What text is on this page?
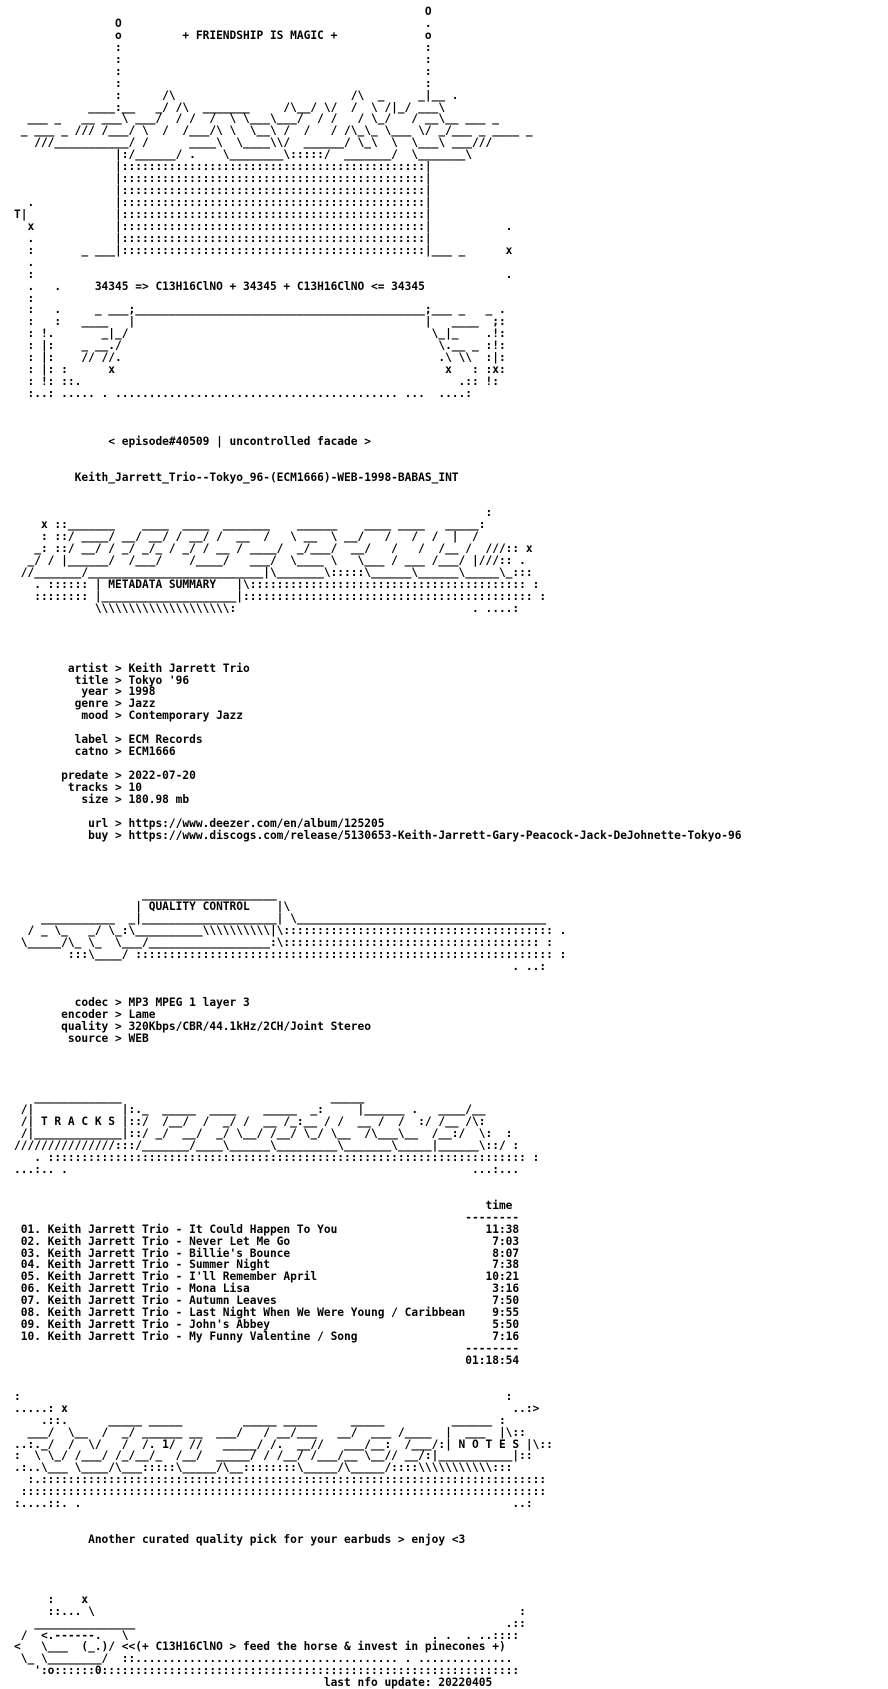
O
O                                             .
o         + FRIENDSHIP IS MAGIC +             o
:                                             :
:                                             :
:                                             :
:                                             :
:      /\                          /\  _     _|__ .
____:__   _/ /\  _______     /\__/ \/  /  \ /|_/ ___\
___ _   __ ___\ ___/  / /  /  \ \___\___/  / /   / \_/   / __\__ ___ _
_ ___ _ /// /___/ \  /  /___/\ \  \__\ /  /   / /\_\_ \___ \/ _/___ _ ____ _
///___________/ /      ____\  \____\\/  ______/ \_\  \  \___\ ___///
|:/______/ .    \________\:::::/  _______/  \_______\
|:::::::::::::::::::::::::::::::::::::::::::::|
|:::::::::::::::::::::::::::::::::::::::::::::|
|:::::::::::::::::::::::::::::::::::::::::::::|
.            |:::::::::::::::::::::::::::::::::::::::::::::|
T|             |:::::::::::::::::::::::::::::::::::::::::::::|
x            |:::::::::::::::::::::::::::::::::::::::::::::|           .
.            |:::::::::::::::::::::::::::::::::::::::::::::|
:       _ ___|:::::::::::::::::::::::::::::::::::::::::::::|___ _      x
.
:                                                                      .
.   .     34345 => C13H16ClNO + 34345 + C13H16ClNO <= 34345
:
:   .     _ ___;___________________________________________;___ _   _ .
:   :   ____   |                                           |   ____  ;:
: !.       _|_/                                             \_|_    .!:
: |:    _ __./                                               \.__ _ :!:
: |:    // //.                                               .\ \\  :|:
: |: :      x                                                 x   : :x:
: !: ::.                                                        .:: !:
:..: ..... . .......................................... ...  ....:
< episode#40509 | uncontrolled facade >
Keith_Jarrett_Trio--Tokyo_96-(ECM1666)-WEB-1998-BABAS_INT
:
x ::_______    ____  ____  _______    ______    ____ ____   _____:
: ::/ ____/ __/ __/ / __/ /  __  /   \ __  \ __/   /   /  /  |  /
_: ::/ __/ / _/ _/_ / _/ / __ / ____/  _/___/  __/   /   /  /__ /  ///:: x
_/ / |______/  /___/    /____/   ___/  \____ \   \___ / ___ /___/ |///:: .
//_______/__________________________|\_______\:::::\______\______\_____\_:::
. :::::: | METADATA SUMMARY   |\::::::::::::::::::::::::::::::::::::::::: :
:::::::: |____________________|::::::::::::::::::::::::::::::::::::::::::: :
\\\\\\\\\\\\\\\\\\\\:                                   . ....:
artist > Keith Jarrett Trio
title > Tokyo '96
year > 1998
genre > Jazz
mood > Contemporary Jazz
label > ECM Records
catno > ECM1666
predate > 2022-07-20
tracks > 10
size > 180.98 mb
url > https://www.deezer.com/en/album/125205
buy > https://www.discogs.com/release/5130653-Keith-Jarrett-Gary-Peacock-Jack-DeJohnette-Tokyo-96
____________________
| QUALITY CONTROL    |\
___________  _|____________________| \_____________________________________
/ _ \_   _/ \_:\__________\\\\\\\\\\|\:::::::::::::::::::::::::::::::::::::::: .
\_____/\_ \_  \___/__________________:\:::::::::::::::::::::::::::::::::::::: :
:::\____/ :::::::::::::::::::::::::::::::::::::::::::::::::::::::::::::: :
. ..:
codec > MP3 MPEG 1 layer 3
encoder > Lame
quality > 320Kbps/CBR/44.1kHz/2CH/Joint Stereo
source > WEB
_____________                               _____
/|             |:._  _____  ____    _____  _:     |______ .   ____/__
/| T R A C K S |::/  /__/  /  _/ /  __ /_:__ / /  __ /  /  :/ /__ /\:
/|_____________|::/ _/  __/  _/ \__/ /__/ \_/ \__  /\___\__  /__:/  \:  :
///////////////:::/_______/____\______\_________\_______\_____|______\::/ :
. ::::::::::::::::::::::::::::::::::::::::::::::::::::::::::::::::::::::: :
...:.. .                                                            ...:...
time
--------
01. Keith Jarrett Trio - It Could Happen To You                      11:38
02. Keith Jarrett Trio - Never Let Me Go                              7:03
03. Keith Jarrett Trio - Billie's Bounce                              8:07
04. Keith Jarrett Trio - Summer Night                                 7:38
05. Keith Jarrett Trio - I'll Remember April                         10:21
06. Keith Jarrett Trio - Mona Lisa                                    3:16
07. Keith Jarrett Trio - Autumn Leaves                                7:50
08. Keith Jarrett Trio - Last Night When We Were Young / Caribbean    9:55
09. Keith Jarrett Trio - John's Abbey                                 5:50
10. Keith Jarrett Trio - My Funny Valentine / Song                    7:16
--------
01:18:54
:                                                                        :
.....: x                                                                  ..:>
.::.      _____ _____         _____ _____     _____          ______ :
___/  \__  /  _/ ______ __  ___/   / __/___   __/  ___ /____  |  ___  |\::
..:._/  /  \/   /  /. 1/  //   _____/ /.  __//   ___/__:  /___/:| N O T E S |\::
:  \ \_/ /___/ /_/__/_  /__/  _____/ / /__/ /___/__ \__// __/:|___________|::
.:..\___ \____/\___:::::\_____/\__::::::::\_____/\_____/::::\\\\\\\\\\\:::
:.:::::::::::::::::::::::::::::::::::::::::::::::::::::::::::::::::::::::::::
::::::::::::::::::::::::::::::::::::::::::::::::::::::::::::::::::::::::::::::
:....::. .                                                                ..:
Another curated quality pick for your earbuds > enjoy <3
:    x
::... \                                                               :
_______________                                                       .::
/  <.------.   \                                             . .  . ..::::
<   \___  (_.)/ <<(+ C13H16ClNO > feed the horse & invest in pinecones +)
\_ \________/  ::....................................... . ..............
':o::::::0::::::::::::::::::::::::::::::::::::::::::::::::::::::::::::::
last nfo update: 20220405
